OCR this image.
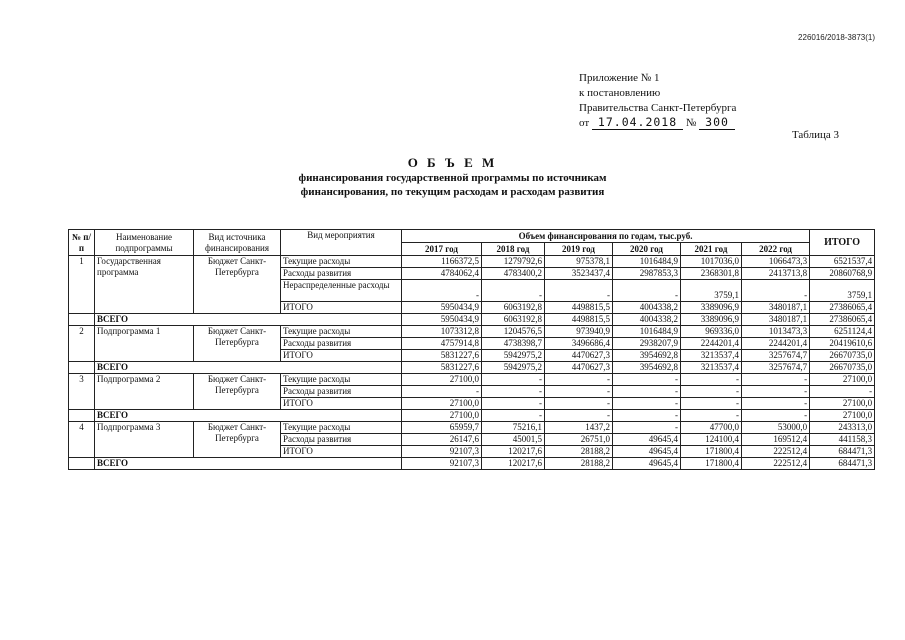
226016/2018-3873(1)
Приложение № 1
к постановлению
Правительства Санкт-Петербурга
от 17.04.2018 № 300
Таблица 3
О Б Ъ Е М
финансирования государственной программы по источникам
финансирования, по текущим расходам и расходам развития
№ п/п	Наименование подпрограммы	Вид источника финансирования	Вид мероприятия	Объем финансирования по годам, тыс.руб.						ИТОГО
				2017 год	2018 год	2019 год	2020 год	2021 год	2022 год	
1	Государственная программа	Бюджет Санкт-Петербурга	Текущие расходы	1166372,5	1279792,6	975378,1	1016484,9	1017036,0	1066473,3	6521537,4
			Расходы развития	4784062,4	4783400,2	3523437,4	2987853,3	2368301,8	2413713,8	20860768,9
			Нераспределенные расходы	-	-	-	-	3759,1	-	3759,1
			ИТОГО	5950434,9	6063192,8	4498815,5	4004338,2	3389096,9	3480187,1	27386065,4
	ВСЕГО			5950434,9	6063192,8	4498815,5	4004338,2	3389096,9	3480187,1	27386065,4
2	Подпрограмма 1	Бюджет Санкт-Петербурга	Текущие расходы	1073312,8	1204576,5	973940,9	1016484,9	969336,0	1013473,3	6251124,4
			Расходы развития	4757914,8	4738398,7	3496686,4	2938207,9	2244201,4	2244201,4	20419610,6
			ИТОГО	5831227,6	5942975,2	4470627,3	3954692,8	3213537,4	3257674,7	26670735,0
	ВСЕГО			5831227,6	5942975,2	4470627,3	3954692,8	3213537,4	3257674,7	26670735,0
3	Подпрограмма 2	Бюджет Санкт-Петербурга	Текущие расходы	27100,0	-	-	-	-	-	27100,0
			Расходы развития	-	-	-	-	-	-	-
			ИТОГО	27100,0	-	-	-	-	-	27100,0
	ВСЕГО			27100,0	-	-	-	-	-	27100,0
4	Подпрограмма 3	Бюджет Санкт-Петербурга	Текущие расходы	65959,7	75216,1	1437,2	-	47700,0	53000,0	243313,0
			Расходы развития	26147,6	45001,5	26751,0	49645,4	124100,4	169512,4	441158,3
			ИТОГО	92107,3	120217,6	28188,2	49645,4	171800,4	222512,4	684471,3
	ВСЕГО			92107,3	120217,6	28188,2	49645,4	171800,4	222512,4	684471,3
